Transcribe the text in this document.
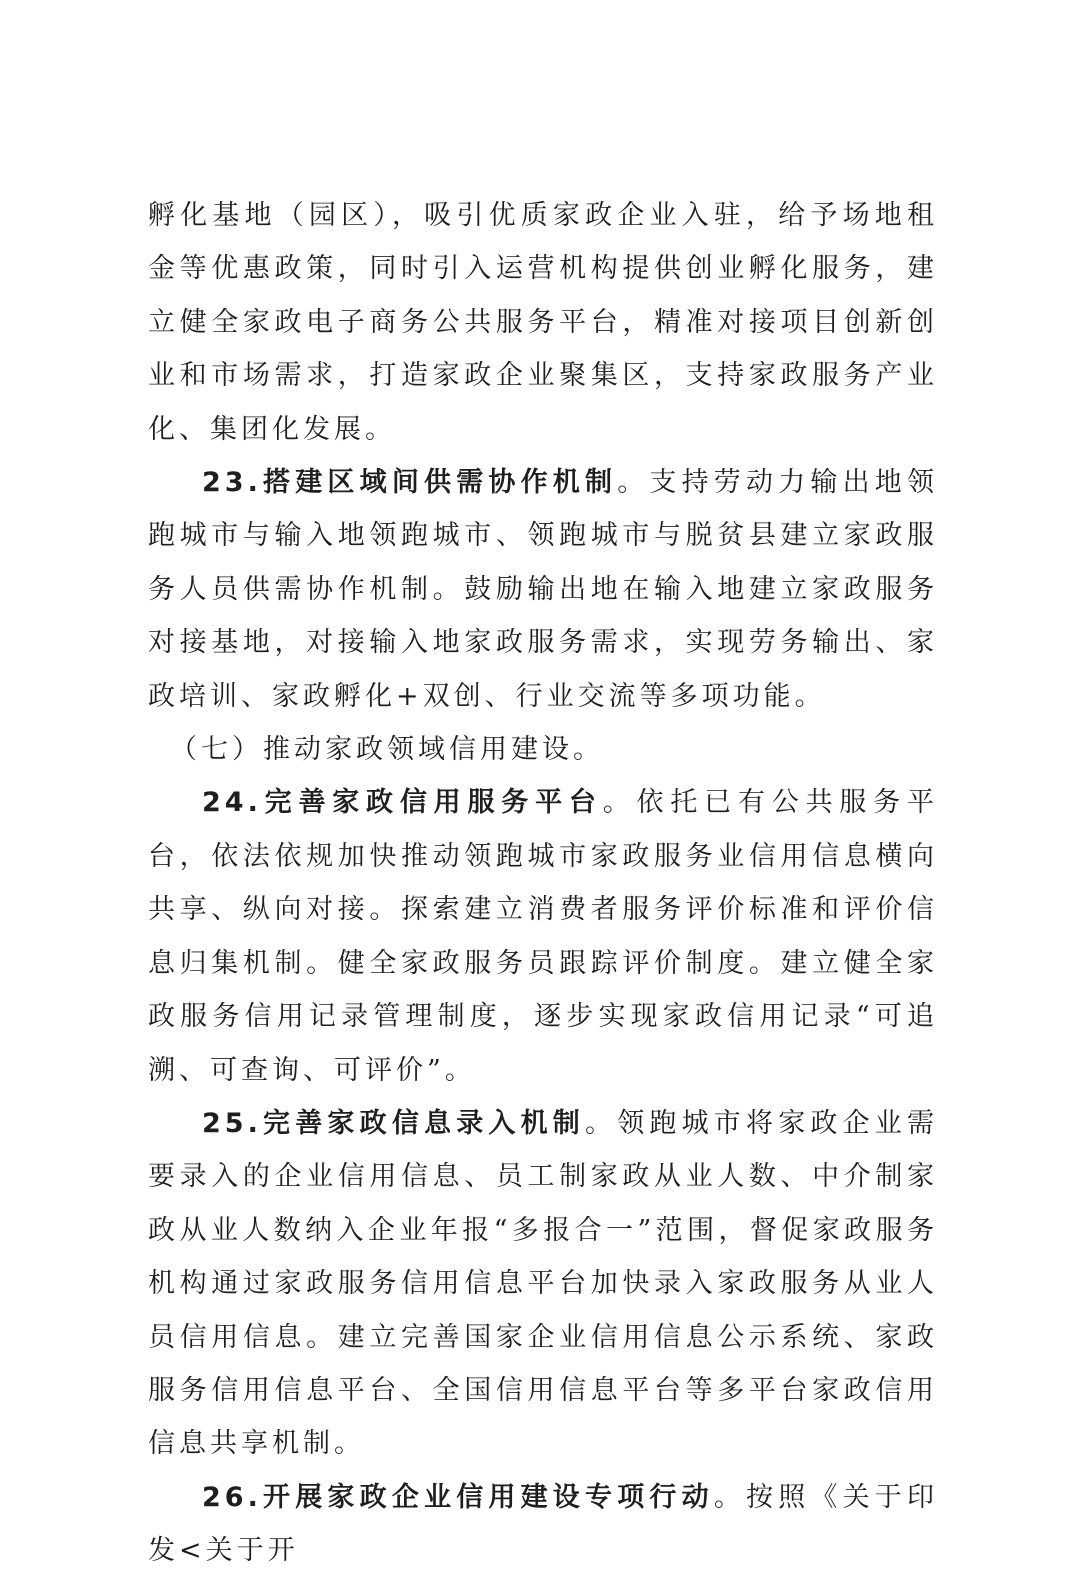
孵化基地（园区），吸引优质家政企业入驻，给予场地租金等优惠政策，同时引入运营机构提供创业孵化服务，建立健全家政电子商务公共服务平台，精准对接项目创新创业和市场需求，打造家政企业聚集区，支持家政服务产业化、集团化发展。

23.搭建区域间供需协作机制。支持劳动力输出地领跑城市与输入地领跑城市、领跑城市与脱贫县建立家政服务人员供需协作机制。鼓励输出地在输入地建立家政服务对接基地，对接输入地家政服务需求，实现劳务输出、家政培训、家政孵化+双创、行业交流等多项功能。

（七）推动家政领域信用建设。

24.完善家政信用服务平台。依托已有公共服务平台，依法依规加快推动领跑城市家政服务业信用信息横向共享、纵向对接。探索建立消费者服务评价标准和评价信息归集机制。健全家政服务员跟踪评价制度。建立健全家政服务信用记录管理制度，逐步实现家政信用记录“可追溯、可查询、可评价”。

25.完善家政信息录入机制。领跑城市将家政企业需要录入的企业信用信息、员工制家政从业人数、中介制家政从业人数纳入企业年报“多报合一”范围，督促家政服务机构通过家政服务信用信息平台加快录入家政服务从业人员信用信息。建立完善国家企业信用信息公示系统、家政服务信用信息平台、全国信用信息平台等多平台家政信用信息共享机制。

26.开展家政企业信用建设专项行动。按照《关于印发<关于开
